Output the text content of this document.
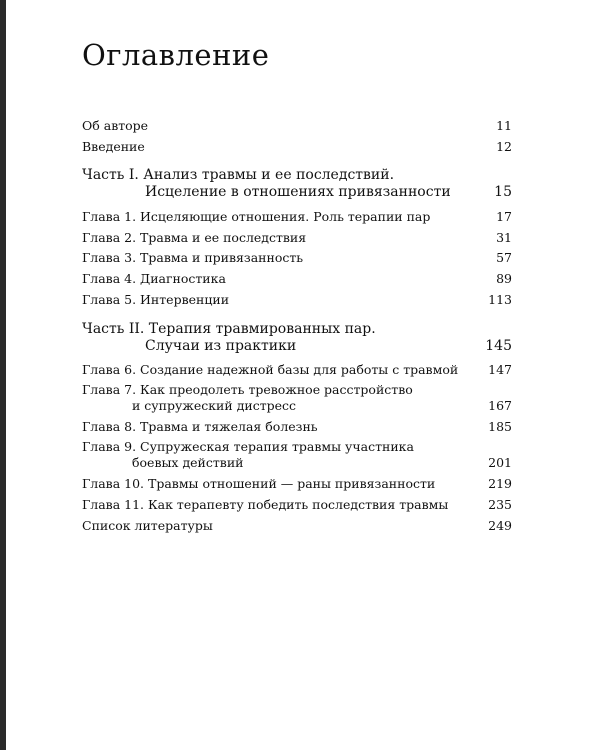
Оглавление
Об авторе	11
Введение	12
Часть I. Анализ травмы и ее последствий.
Исцеление в отношениях привязанности	15
Глава 1. Исцеляющие отношения. Роль терапии пар	17
Глава 2. Травма и ее последствия	31
Глава 3. Травма и привязанность	57
Глава 4. Диагностика	89
Глава 5. Интервенции	113
Часть II. Терапия травмированных пар.
Случаи из практики	145
Глава 6. Создание надежной базы для работы с травмой	147
Глава 7. Как преодолеть тревожное расстройство
и супружеский дистресс	167
Глава 8. Травма и тяжелая болезнь	185
Глава 9. Супружеская терапия травмы участника
боевых действий	201
Глава 10. Травмы отношений — раны привязанности	219
Глава 11. Как терапевту победить последствия травмы	235
Список литературы	249
